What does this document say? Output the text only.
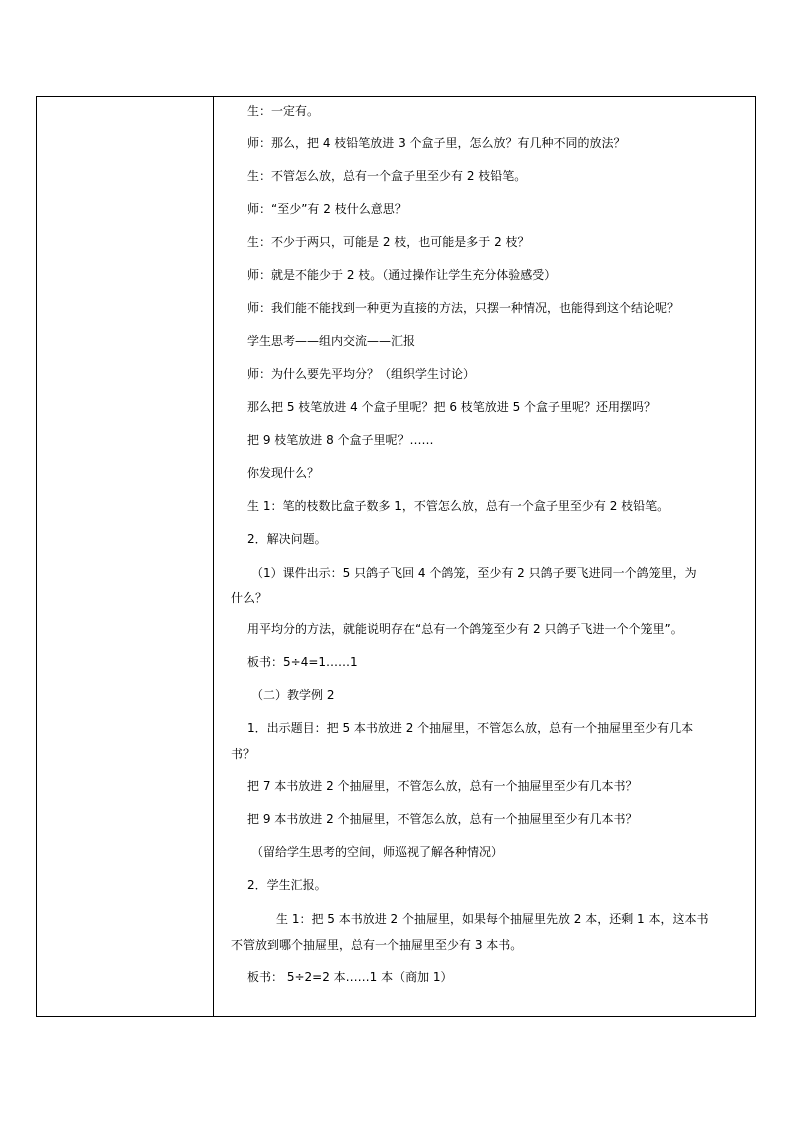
生：一定有。
师：那么，把 4 枝铅笔放进 3 个盒子里，怎么放？有几种不同的放法？
生：不管怎么放，总有一个盒子里至少有 2 枝铅笔。
师：“至少”有 2 枝什么意思？
生：不少于两只，可能是 2 枝，也可能是多于 2 枝？
师：就是不能少于 2 枝。（通过操作让学生充分体验感受）
师：我们能不能找到一种更为直接的方法，只摆一种情况，也能得到这个结论呢？
学生思考——组内交流——汇报
师：为什么要先平均分？（组织学生讨论）
那么把 5 枝笔放进 4 个盒子里呢？把 6 枝笔放进 5 个盒子里呢？还用摆吗？
把 9 枝笔放进 8 个盒子里呢？……
你发现什么？
生 1：笔的枝数比盒子数多 1，不管怎么放，总有一个盒子里至少有 2 枝铅笔。
2．解决问题。
（1）课件出示：5 只鸽子飞回 4 个鸽笼，至少有 2 只鸽子要飞进同一个鸽笼里，为
什么？
用平均分的方法，就能说明存在“总有一个鸽笼至少有 2 只鸽子飞进一个个笼里”。
板书：5÷4=1……1
（二）教学例 2
1．出示题目：把 5 本书放进 2 个抽屉里，不管怎么放，总有一个抽屉里至少有几本
书？
把 7 本书放进 2 个抽屉里，不管怎么放，总有一个抽屉里至少有几本书？
把 9 本书放进 2 个抽屉里，不管怎么放，总有一个抽屉里至少有几本书？
（留给学生思考的空间，师巡视了解各种情况）
2．学生汇报。
生 1：把 5 本书放进 2 个抽屉里，如果每个抽屉里先放 2 本，还剩 1 本，这本书
不管放到哪个抽屉里，总有一个抽屉里至少有 3 本书。
板书： 5÷2=2 本……1 本（商加 1）
